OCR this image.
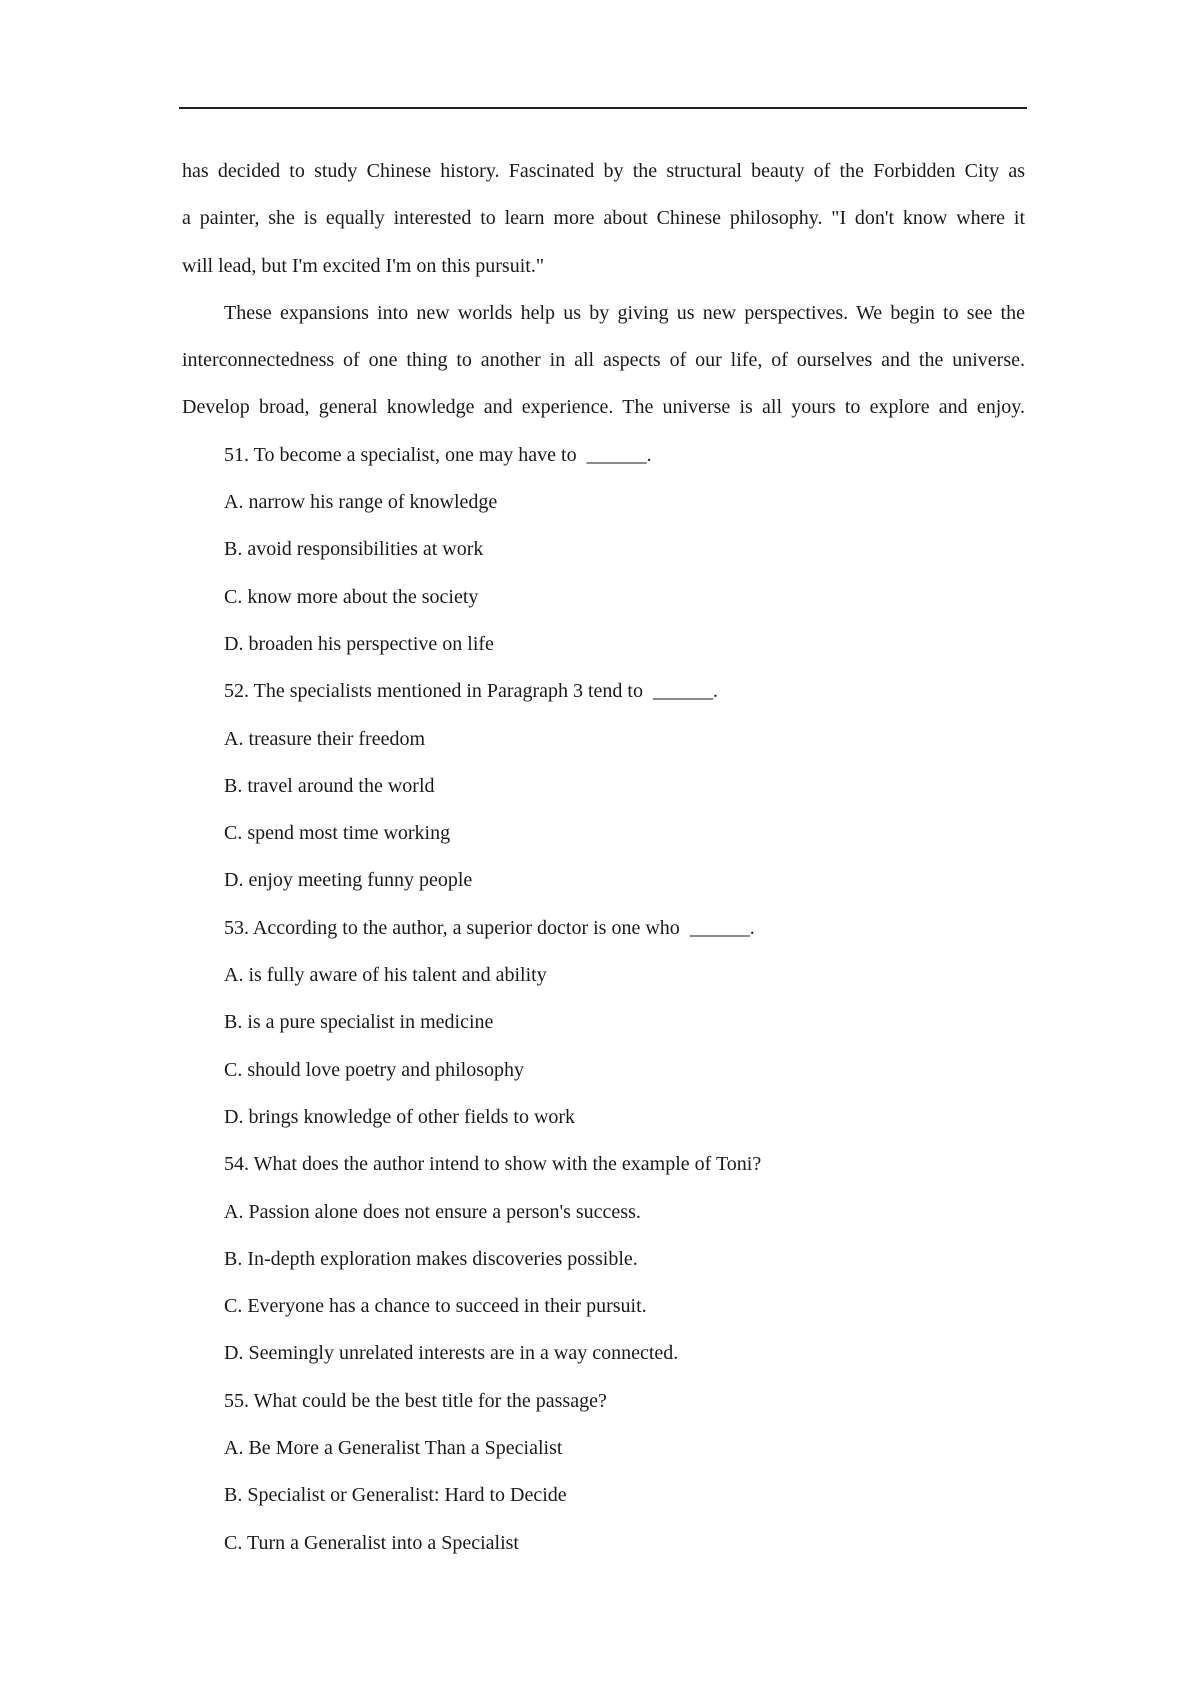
has decided to study Chinese history. Fascinated by the structural beauty of the Forbidden City as
a painter, she is equally interested to learn more about Chinese philosophy. "I don't know where it
will lead, but I'm excited I'm on this pursuit."
These expansions into new worlds help us by giving us new perspectives. We begin to see the
interconnectedness of one thing to another in all aspects of our life, of ourselves and the universe.
Develop broad, general knowledge and experience. The universe is all yours to explore and enjoy.
51. To become a specialist, one may have to  ______.
A. narrow his range of knowledge
B. avoid responsibilities at work
C. know more about the society
D. broaden his perspective on life
52. The specialists mentioned in Paragraph 3 tend to  ______.
A. treasure their freedom
B. travel around the world
C. spend most time working
D. enjoy meeting funny people
53. According to the author, a superior doctor is one who  ______.
A. is fully aware of his talent and ability
B. is a pure specialist in medicine
C. should love poetry and philosophy
D. brings knowledge of other fields to work
54. What does the author intend to show with the example of Toni?
A. Passion alone does not ensure a person's success.
B. In-depth exploration makes discoveries possible.
C. Everyone has a chance to succeed in their pursuit.
D. Seemingly unrelated interests are in a way connected.
55. What could be the best title for the passage?
A. Be More a Generalist Than a Specialist
B. Specialist or Generalist: Hard to Decide
C. Turn a Generalist into a Specialist
